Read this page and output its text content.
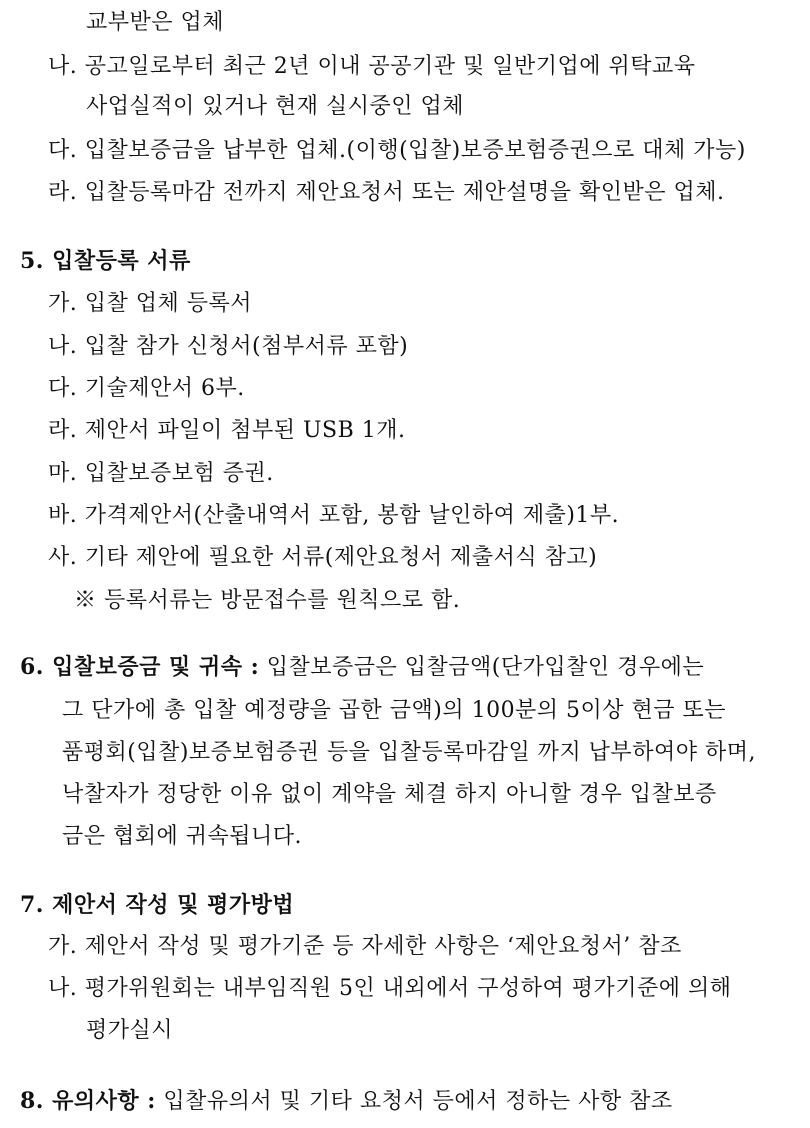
교부받은 업체
나. 공고일로부터 최근 2년 이내 공공기관 및 일반기업에 위탁교육
사업실적이 있거나 현재 실시중인 업체
다. 입찰보증금을 납부한 업체.(이행(입찰)보증보험증권으로 대체 가능)
라. 입찰등록마감 전까지 제안요청서 또는 제안설명을 확인받은 업체.
5. 입찰등록 서류
가. 입찰 업체 등록서
나. 입찰 참가 신청서(첨부서류 포함)
다. 기술제안서 6부.
라. 제안서 파일이 첨부된 USB 1개.
마. 입찰보증보험 증권.
바. 가격제안서(산출내역서 포함, 봉함 날인하여 제출)1부.
사. 기타 제안에 필요한 서류(제안요청서 제출서식 참고)
※ 등록서류는 방문접수를 원칙으로 함.
6. 입찰보증금 및 귀속 : 입찰보증금은 입찰금액(단가입찰인 경우에는
그 단가에 총 입찰 예정량을 곱한 금액)의 100분의 5이상 현금 또는
품평회(입찰)보증보험증권 등을 입찰등록마감일 까지 납부하여야 하며,
낙찰자가 정당한 이유 없이 계약을 체결 하지 아니할 경우 입찰보증
금은 협회에 귀속됩니다.
7. 제안서 작성 및 평가방법
가. 제안서 작성 및 평가기준 등 자세한 사항은 ‘제안요청서’ 참조
나. 평가위원회는 내부임직원 5인 내외에서 구성하여 평가기준에 의해
평가실시
8. 유의사항 : 입찰유의서 및 기타 요청서 등에서 정하는 사항 참조
